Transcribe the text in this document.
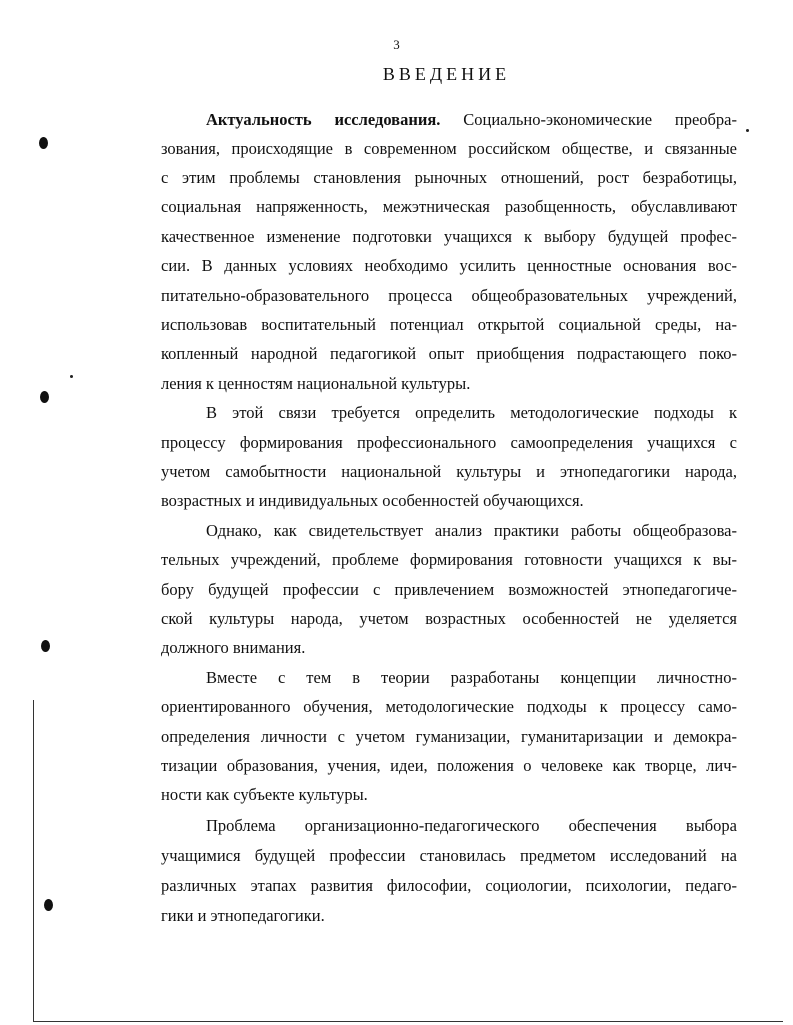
3
ВВЕДЕНИЕ
Актуальность исследования. Социально-экономические преобра-
зования, происходящие в современном российском обществе, и связанные
с этим проблемы становления рыночных отношений, рост безработицы,
социальная напряженность, межэтническая разобщенность, обуславливают
качественное изменение подготовки учащихся к выбору будущей профес-
сии. В данных условиях необходимо усилить ценностные основания вос-
питательно-образовательного процесса общеобразовательных учреждений,
использовав воспитательный потенциал открытой социальной среды, на-
копленный народной педагогикой опыт приобщения подрастающего поко-
ления к ценностям национальной культуры.
В этой связи требуется определить методологические подходы к
процессу формирования профессионального самоопределения учащихся с
учетом самобытности национальной культуры и этнопедагогики народа,
возрастных и индивидуальных особенностей обучающихся.
Однако, как свидетельствует анализ практики работы общеобразова-
тельных учреждений, проблеме формирования готовности учащихся к вы-
бору будущей профессии с привлечением возможностей этнопедагогиче-
ской культуры народа, учетом возрастных особенностей не уделяется
должного внимания.
Вместе с тем в теории разработаны концепции личностно-
ориентированного обучения, методологические подходы к процессу само-
определения личности с учетом гуманизации, гуманитаризации и демокра-
тизации образования, учения, идеи, положения о человеке как творце, лич-
ности как субъекте культуры.
Проблема организационно-педагогического обеспечения выбора
учащимися будущей профессии становилась предметом исследований на
различных этапах развития философии, социологии, психологии, педаго-
гики и этнопедагогики.
